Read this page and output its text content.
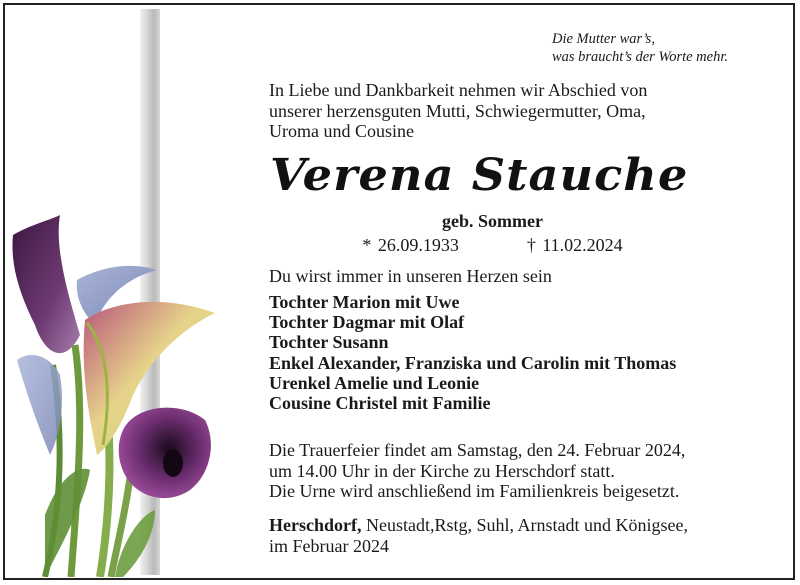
Die Mutter war’s,
was braucht’s der Worte mehr.
In Liebe und Dankbarkeit nehmen wir Abschied von
unserer herzensguten Mutti, Schwiegermutter, Oma,
Uroma und Cousine
Verena Stauche
geb. Sommer
* 26.09.1933	† 11.02.2024
Du wirst immer in unseren Herzen sein
Tochter Marion mit Uwe
Tochter Dagmar mit Olaf
Tochter Susann
Enkel Alexander, Franziska und Carolin mit Thomas
Urenkel Amelie und Leonie
Cousine Christel mit Familie
Die Trauerfeier findet am Samstag, den 24. Februar 2024,
um 14.00 Uhr in der Kirche zu Herschdorf statt.
Die Urne wird anschließend im Familienkreis beigesetzt.
Herschdorf, Neustadt,Rstg, Suhl, Arnstadt und Königsee,
im Februar 2024
